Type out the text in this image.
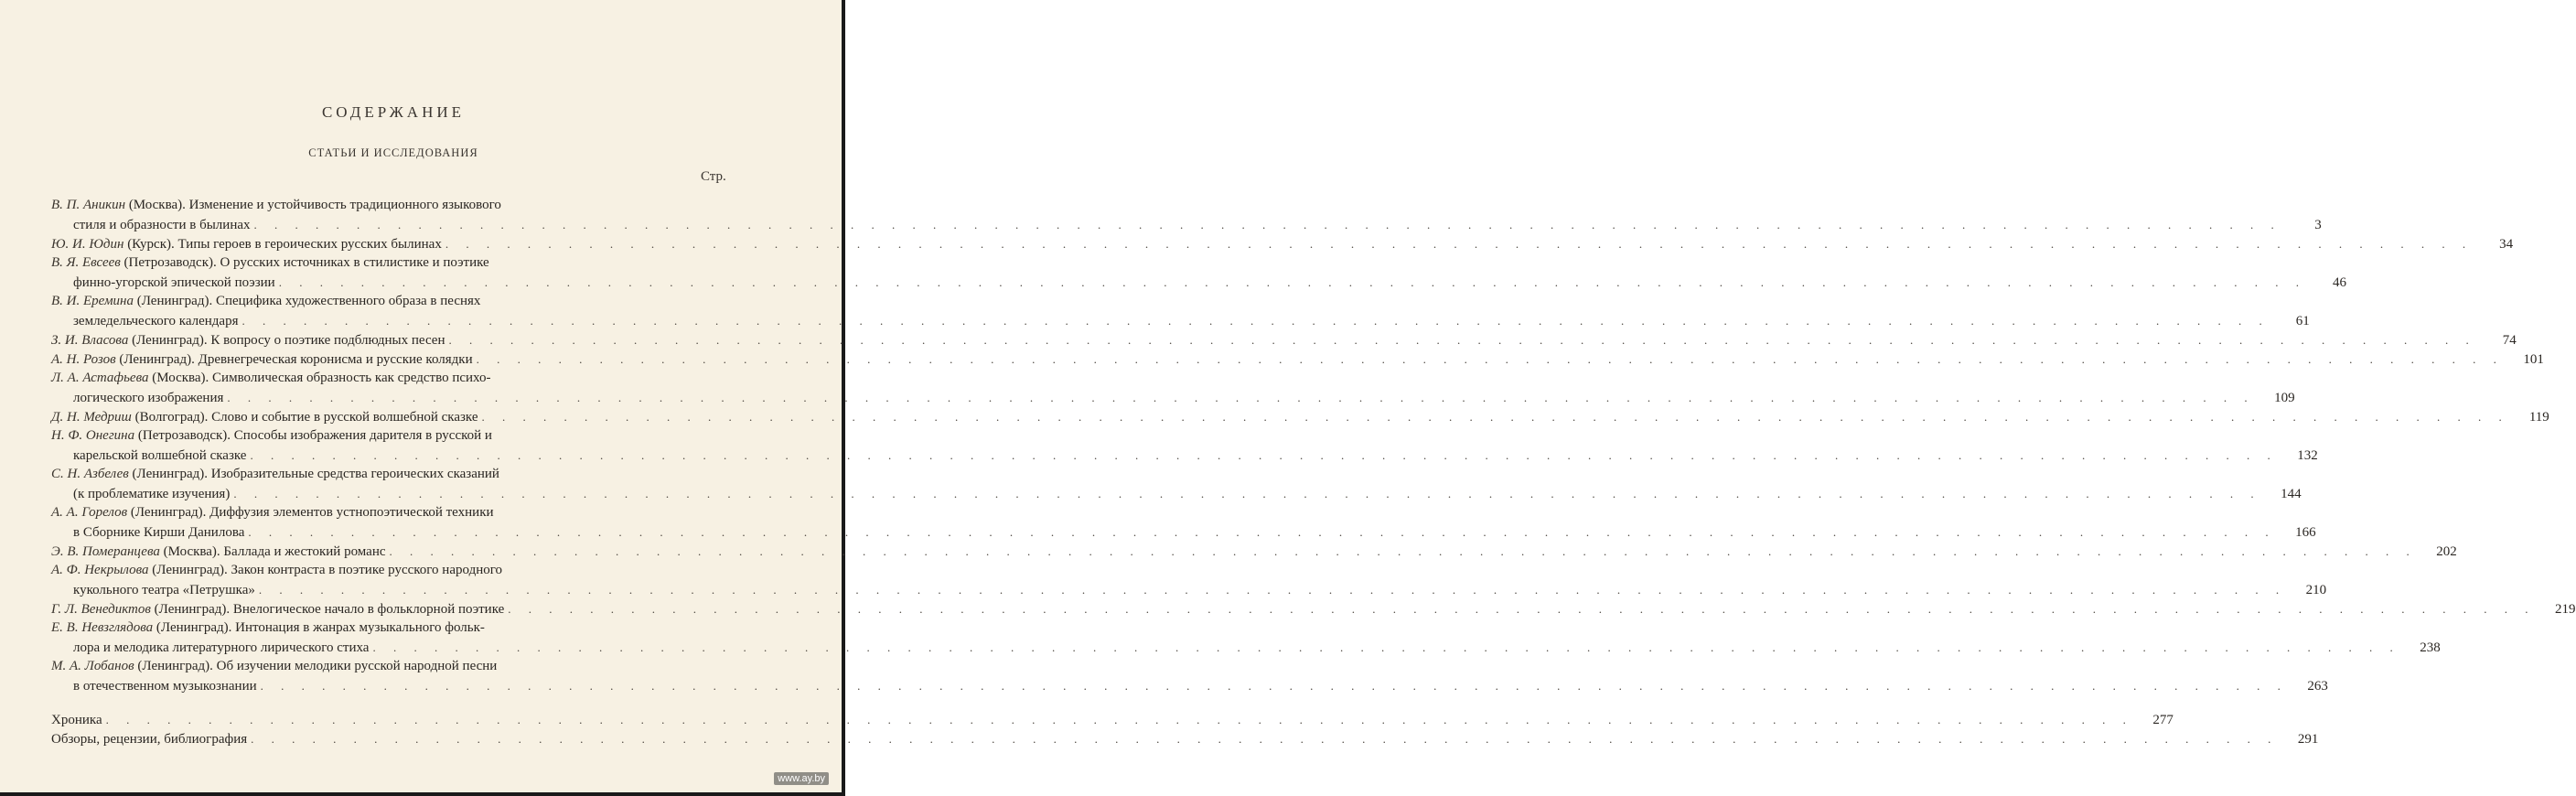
СОДЕРЖАНИЕ
СТАТЬИ И ИССЛЕДОВАНИЯ
Стр.
В. П. Аникин (Москва). Изменение и устойчивость традиционного языкового
стиля и образности в былинах . . .	3
Ю. И. Юдин (Курск). Типы героев в героических русских былинах . . .	34
В. Я. Евсеев (Петрозаводск). О русских источниках в стилистике и поэтике
финно-угорской эпической поэзии . . .	46
В. И. Еремина (Ленинград). Специфика художественного образа в песнях
земледельческого календаря . . .	61
З. И. Власова (Ленинград). К вопросу о поэтике подблюдных песен . . .	74
А. Н. Розов (Ленинград). Древнегреческая корониcма и русские колядки . . .	101
Л. А. Астафьева (Москва). Символическая образность как средство психо-
логического изображения . . .	109
Д. Н. Медриш (Волгоград). Слово и событие в русской волшебной сказке . . .	119
Н. Ф. Онегина (Петрозаводск). Способы изображения дарителя в русской и
карельской волшебной сказке . . .	132
С. Н. Азбелев (Ленинград). Изобразительные средства героических сказаний
(к проблематике изучения) . . .	144
А. А. Горелов (Ленинград). Диффузия элементов устнопоэтической техники
в Сборнике Кирши Данилова . . .	166
Э. В. Померанцева (Москва). Баллада и жестокий романс . . .	202
А. Ф. Некрылова (Ленинград). Закон контраста в поэтике русского народного
кукольного театра «Петрушка» . . .	210
Г. Л. Венедиктов (Ленинград). Внелогическое начало в фольклорной поэтике . . .	219
Е. В. Невзглядова (Ленинград). Интонация в жанрах музыкального фольк-
лора и мелодика литературного лирического стиха . . .	238
М. А. Лобанов (Ленинград). Об изучении мелодики русской народной песни
в отечественном музыкознании . . .	263
Хроника . . .	277
Обзоры, рецензии, библиография . . .	291
www.ay.by
